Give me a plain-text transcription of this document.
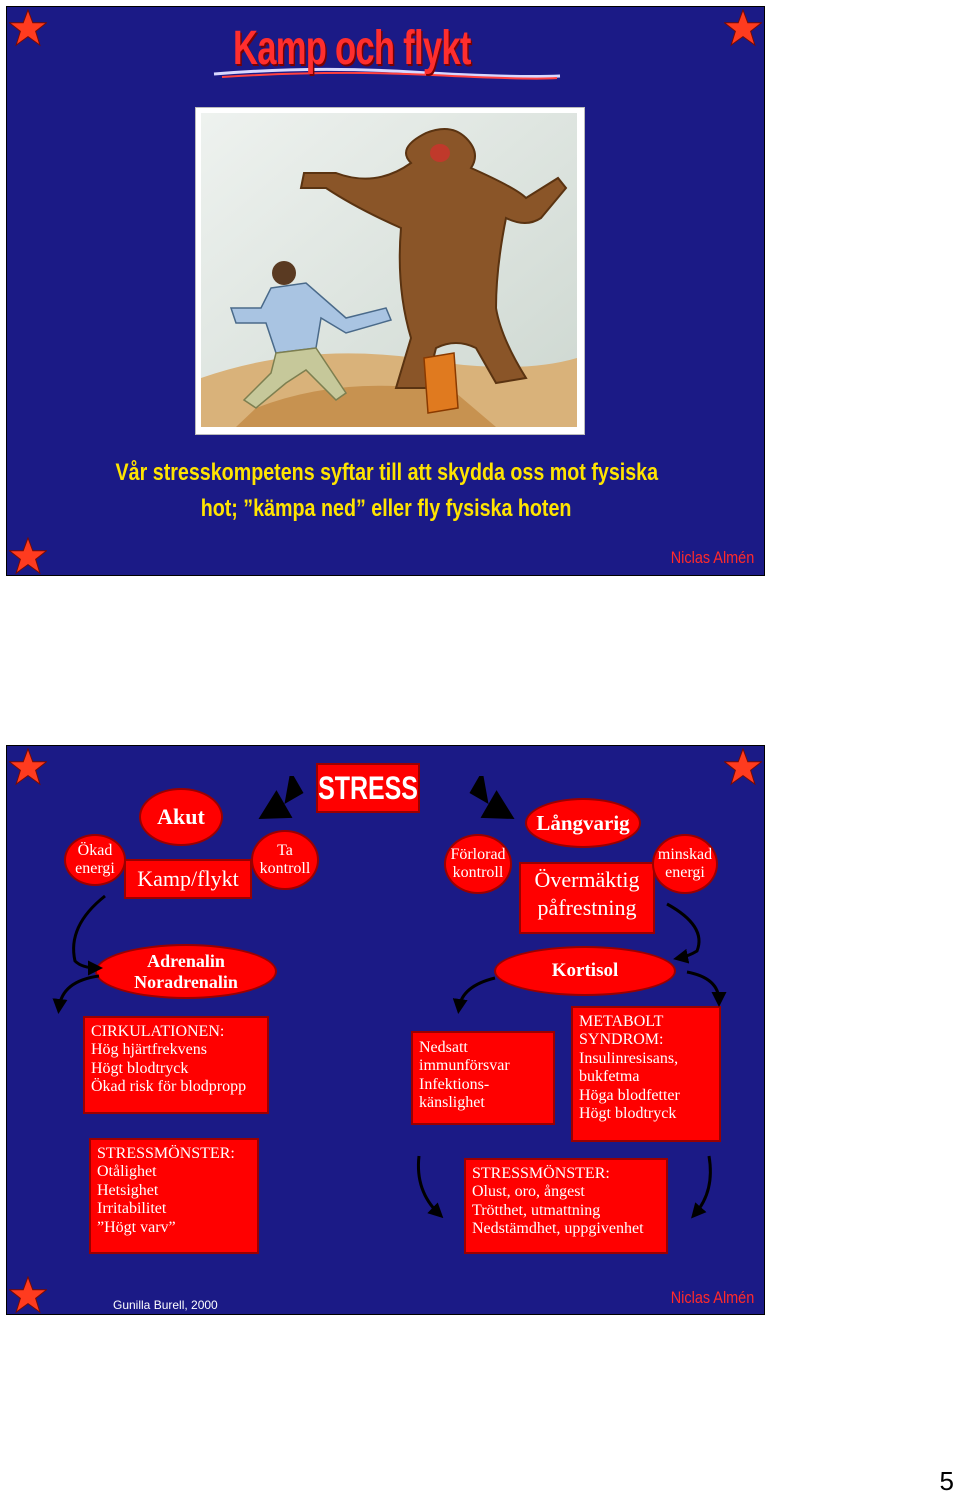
Kamp och flykt
Vår stresskompetens syftar till att skydda oss mot fysiska
hot; ”kämpa ned” eller fly fysiska hoten
Niclas Almén
STRESS
Ökad
energi
Akut
Kamp/flykt
Ta
kontroll
Adrenalin
Noradrenalin
CIRKULATIONEN:
Hög hjärtfrekvens
Högt blodtryck
Ökad risk för blodpropp
STRESSMÖNSTER:
Otålighet
Hetsighet
Irritabilitet
”Högt varv”
Förlorad
kontroll
Långvarig
Övermäktig
påfrestning
minskad
energi
Kortisol
Nedsatt
immunförsvar
Infektions-
känslighet
METABOLT
SYNDROM:
Insulinresisans,
bukfetma
Höga blodfetter
Högt blodtryck
STRESSMÖNSTER:
Olust, oro, ångest
Trötthet, utmattning
Nedstämdhet, uppgivenhet
Gunilla Burell, 2000	Niclas Almén
5
